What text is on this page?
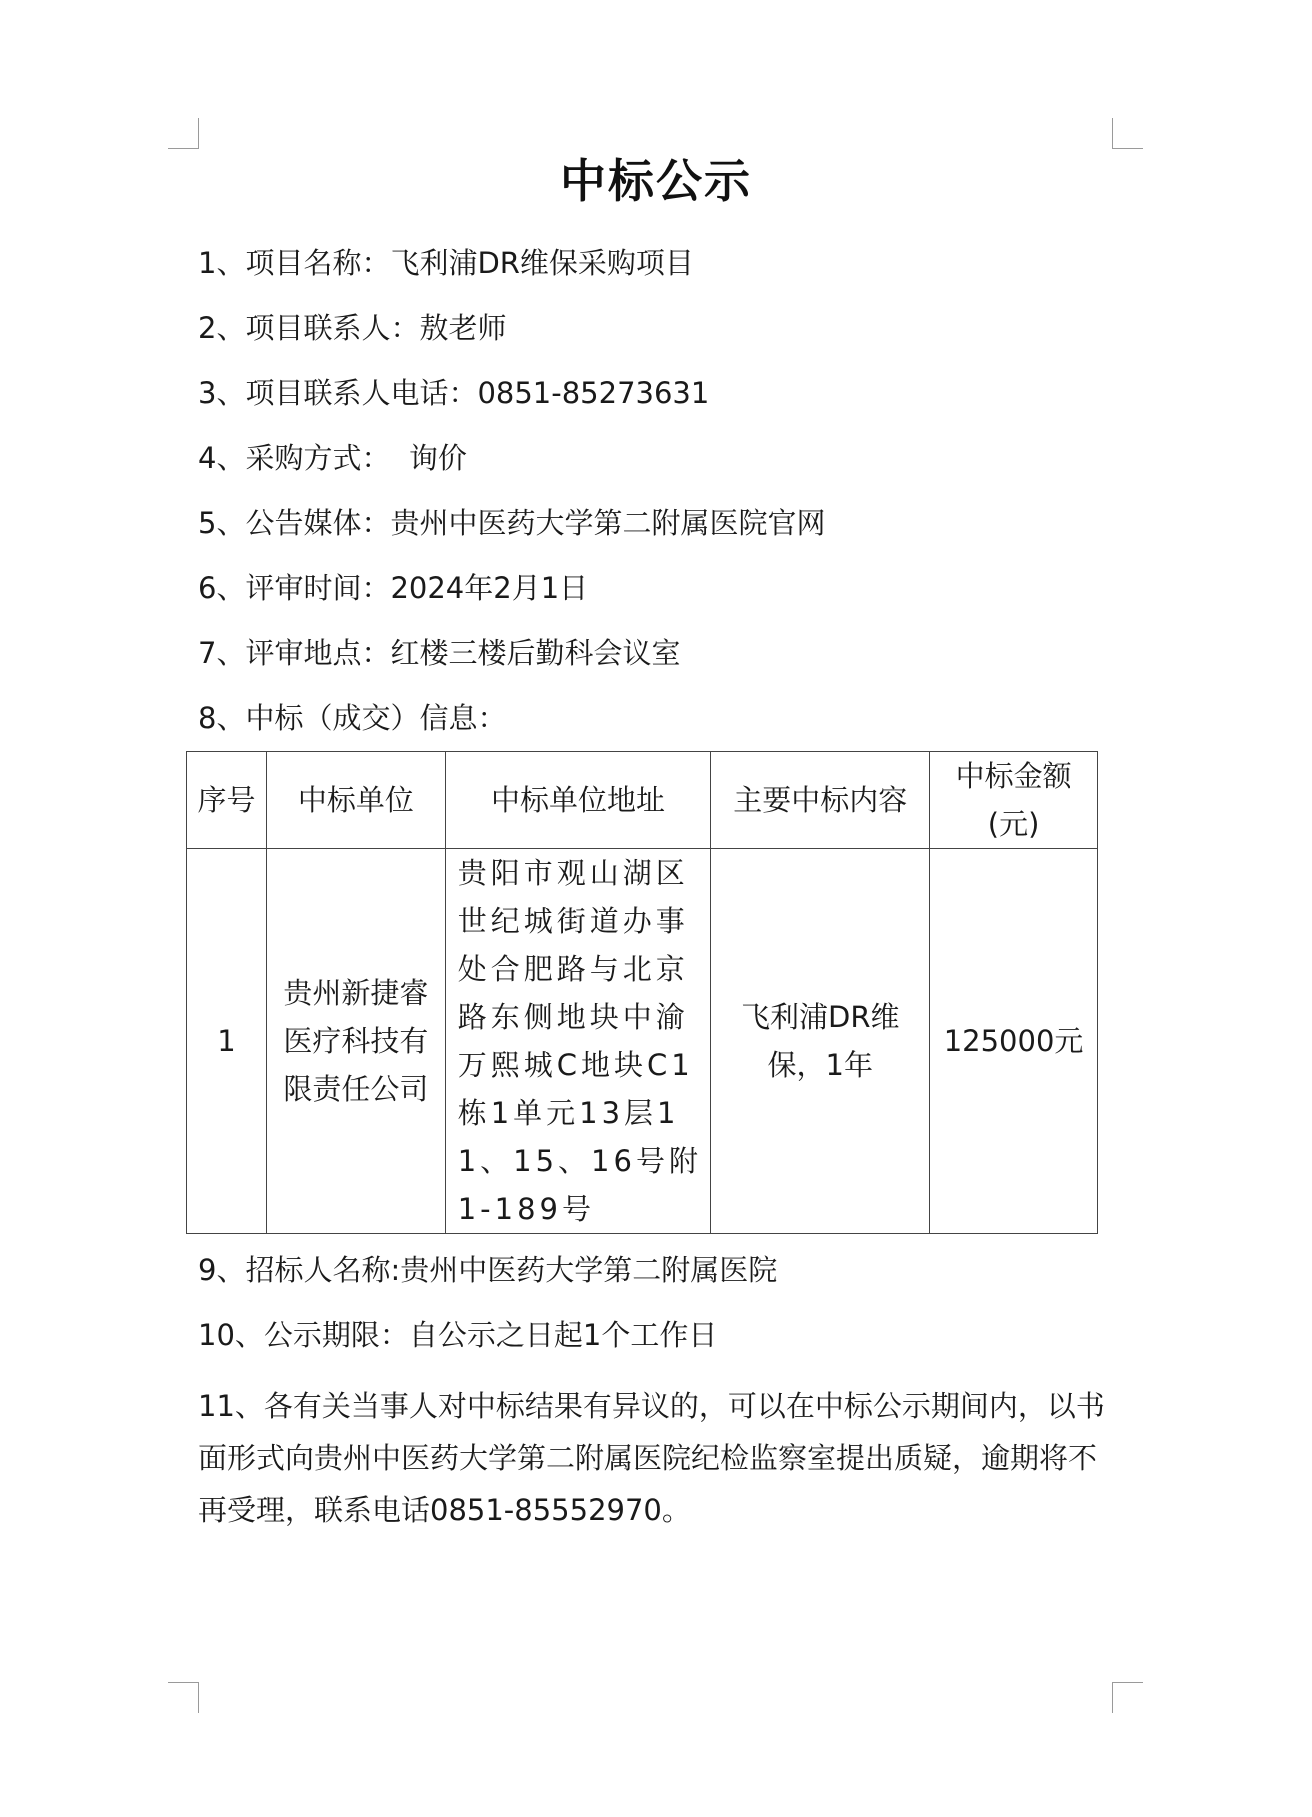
中标公示
1、项目名称：飞利浦DR维保采购项目
2、项目联系人：敖老师
3、项目联系人电话：0851-85273631
4、采购方式：  询价
5、公告媒体：贵州中医药大学第二附属医院官网
6、评审时间：2024年2月1日
7、评审地点：红楼三楼后勤科会议室
8、中标（成交）信息：
序号	中标单位	中标单位地址	主要中标内容	中标金额(元)
1	贵州新捷睿医疗科技有限责任公司	贵阳市观山湖区世纪城街道办事处合肥路与北京路东侧地块中渝万熙城C地块C1栋1单元13层11、15、16号附1-189号	飞利浦DR维保，1年	125000元
9、招标人名称:贵州中医药大学第二附属医院
10、公示期限：自公示之日起1个工作日
11、各有关当事人对中标结果有异议的，可以在中标公示期间内，以书面形式向贵州中医药大学第二附属医院纪检监察室提出质疑，逾期将不再受理，联系电话0851-85552970。
